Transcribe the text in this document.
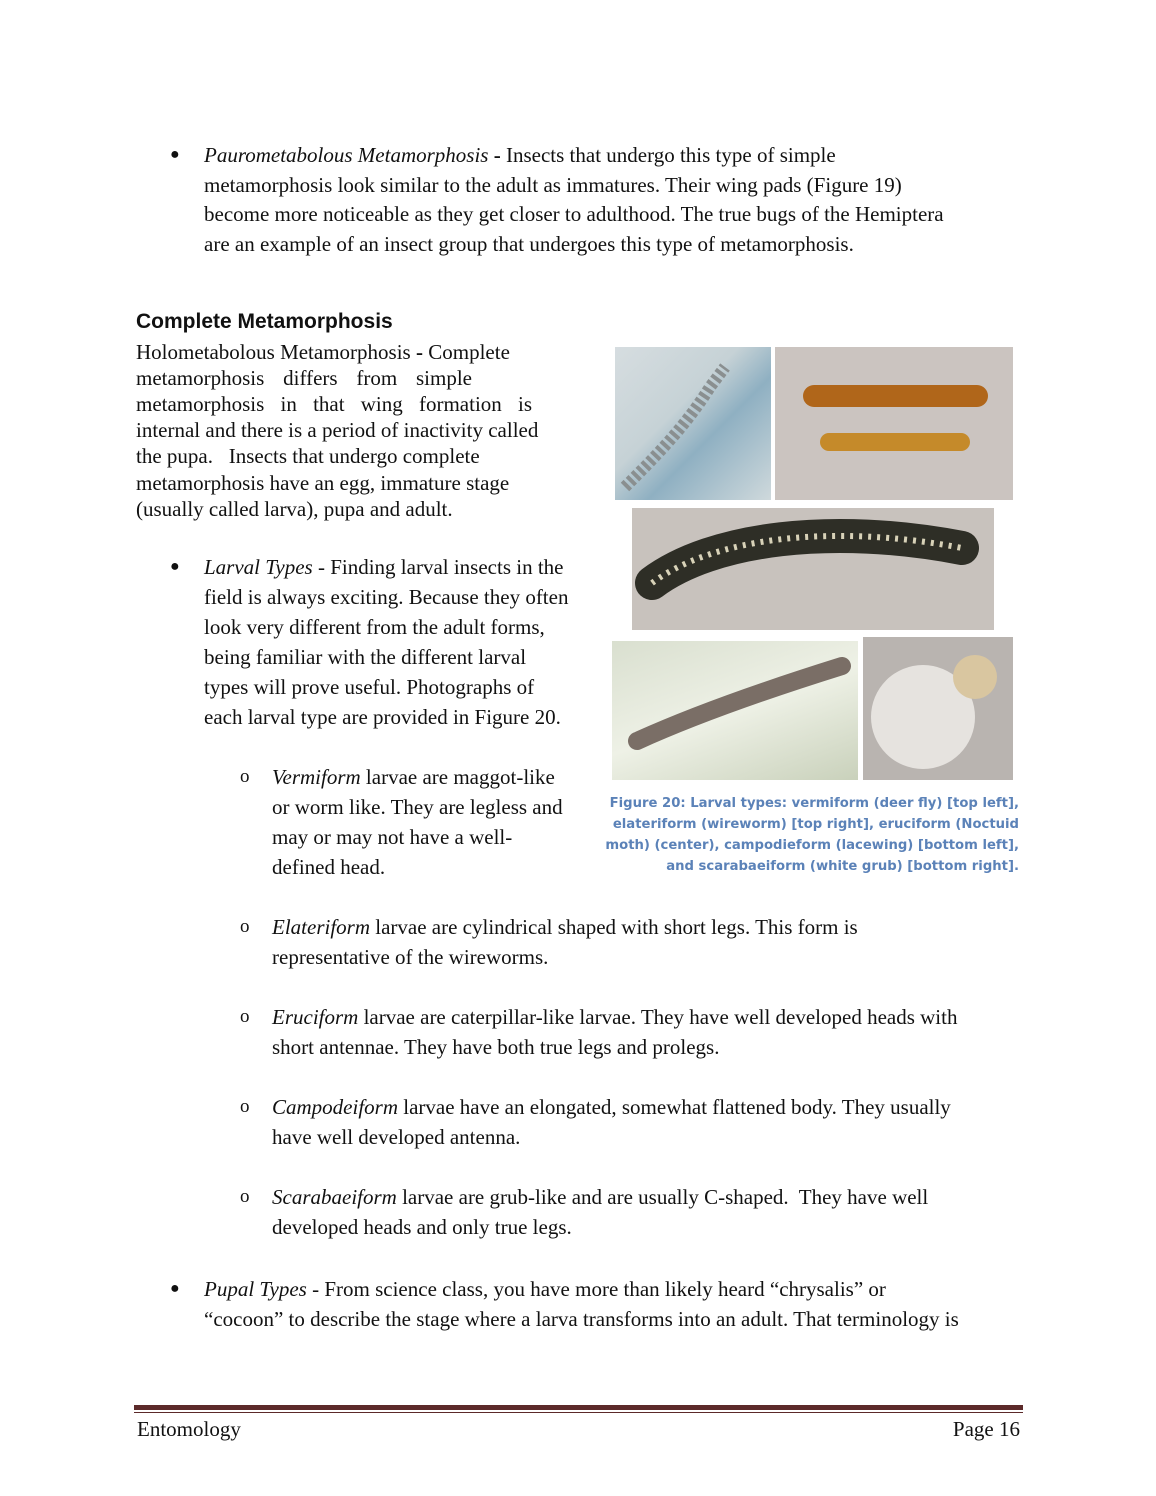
● Paurometabolous Metamorphosis - Insects that undergo this type of simple
metamorphosis look similar to the adult as immatures. Their wing pads (Figure 19)
become more noticeable as they get closer to adulthood. The true bugs of the Hemiptera
are an example of an insect group that undergoes this type of metamorphosis.
Complete Metamorphosis
Holometabolous Metamorphosis - Complete
metamorphosis differs from simple
metamorphosis in that wing formation is
internal and there is a period of inactivity called
the pupa.   Insects that undergo complete
metamorphosis have an egg, immature stage
(usually called larva), pupa and adult.
● Larval Types - Finding larval insects in the
field is always exciting. Because they often
look very different from the adult forms,
being familiar with the different larval
types will prove useful. Photographs of
each larval type are provided in Figure 20.
o Vermiform larvae are maggot-like
or worm like. They are legless and
may or may not have a well-
defined head.
o Elateriform larvae are cylindrical shaped with short legs. This form is
representative of the wireworms.
o Eruciform larvae are caterpillar-like larvae. They have well developed heads with
short antennae. They have both true legs and prolegs.
o Campodeiform larvae have an elongated, somewhat flattened body. They usually
have well developed antenna.
o Scarabaeiform larvae are grub-like and are usually C-shaped.  They have well
developed heads and only true legs.
● Pupal Types - From science class, you have more than likely heard “chrysalis” or
“cocoon” to describe the stage where a larva transforms into an adult. That terminology is
Figure 20: Larval types: vermiform (deer fly) [top left],
elateriform (wireworm) [top right], eruciform (Noctuid
moth) (center), campodieform (lacewing) [bottom left],
and scarabaeiform (white grub) [bottom right].
Entomology	Page 16
